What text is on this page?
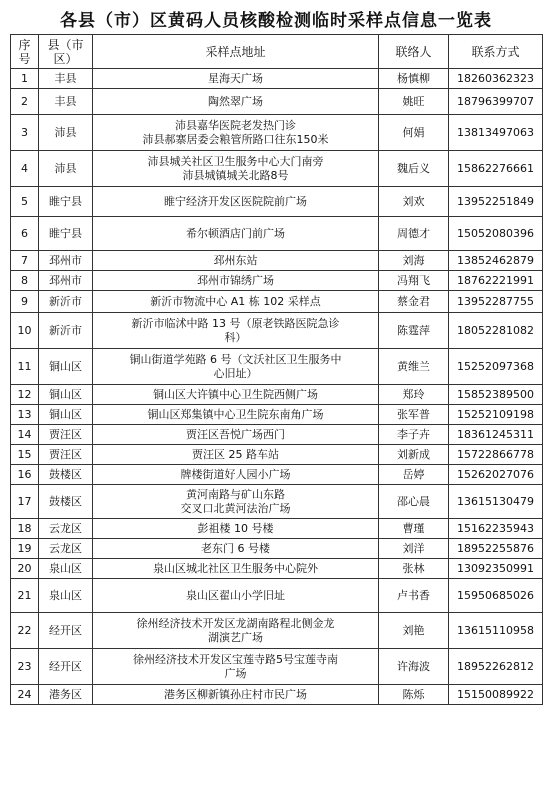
各县（市）区黄码人员核酸检测临时采样点信息一览表
序号	县（市区）	采样点地址	联络人	联系方式
1	丰县	星海天广场	杨慎柳	18260362323
2	丰县	陶然翠广场	姚旺	18796399707
3	沛县	沛县嘉华医院老发热门诊
沛县郝寨居委会粮管所路口往东150米	何娟	13813497063
4	沛县	沛县城关社区卫生服务中心大门南旁
沛县城镇城关北路8号	魏后义	15862276661
5	睢宁县	睢宁经济开发区医院院前广场	刘欢	13952251849
6	睢宁县	希尔顿酒店门前广场	周德才	15052080396
7	邳州市	邳州东站	刘海	13852462879
8	邳州市	邳州市锦绣广场	冯翔飞	18762221991
9	新沂市	新沂市物流中心 A1 栋 102 采样点	蔡金君	13952287755
10	新沂市	新沂市临沭中路 13 号（原老铁路医院急诊
科）	陈霆萍	18052281082
11	铜山区	铜山街道学苑路 6 号（文沃社区卫生服务中
心旧址）	黄维兰	15252097368
12	铜山区	铜山区大许镇中心卫生院西侧广场	郑玲	15852389500
13	铜山区	铜山区郑集镇中心卫生院东南角广场	张军普	15252109198
14	贾汪区	贾汪区吾悦广场西门	李子卉	18361245311
15	贾汪区	贾汪区 25 路车站	刘新成	15722866778
16	鼓楼区	牌楼街道好人园小广场	岳婷	15262027076
17	鼓楼区	黄河南路与矿山东路
交叉口北黄河法治广场	邵心晨	13615130479
18	云龙区	彭祖楼 10 号楼	曹瑾	15162235943
19	云龙区	老东门 6 号楼	刘洋	18952255876
20	泉山区	泉山区城北社区卫生服务中心院外	张林	13092350991
21	泉山区	泉山区翟山小学旧址	卢书香	15950685026
22	经开区	徐州经济技术开发区龙湖南路程北侧金龙
湖演艺广场	刘艳	13615110958
23	经开区	徐州经济技术开发区宝莲寺路5号宝莲寺南
广场	许海波	18952262812
24	港务区	港务区柳新镇孙庄村市民广场	陈烁	15150089922
